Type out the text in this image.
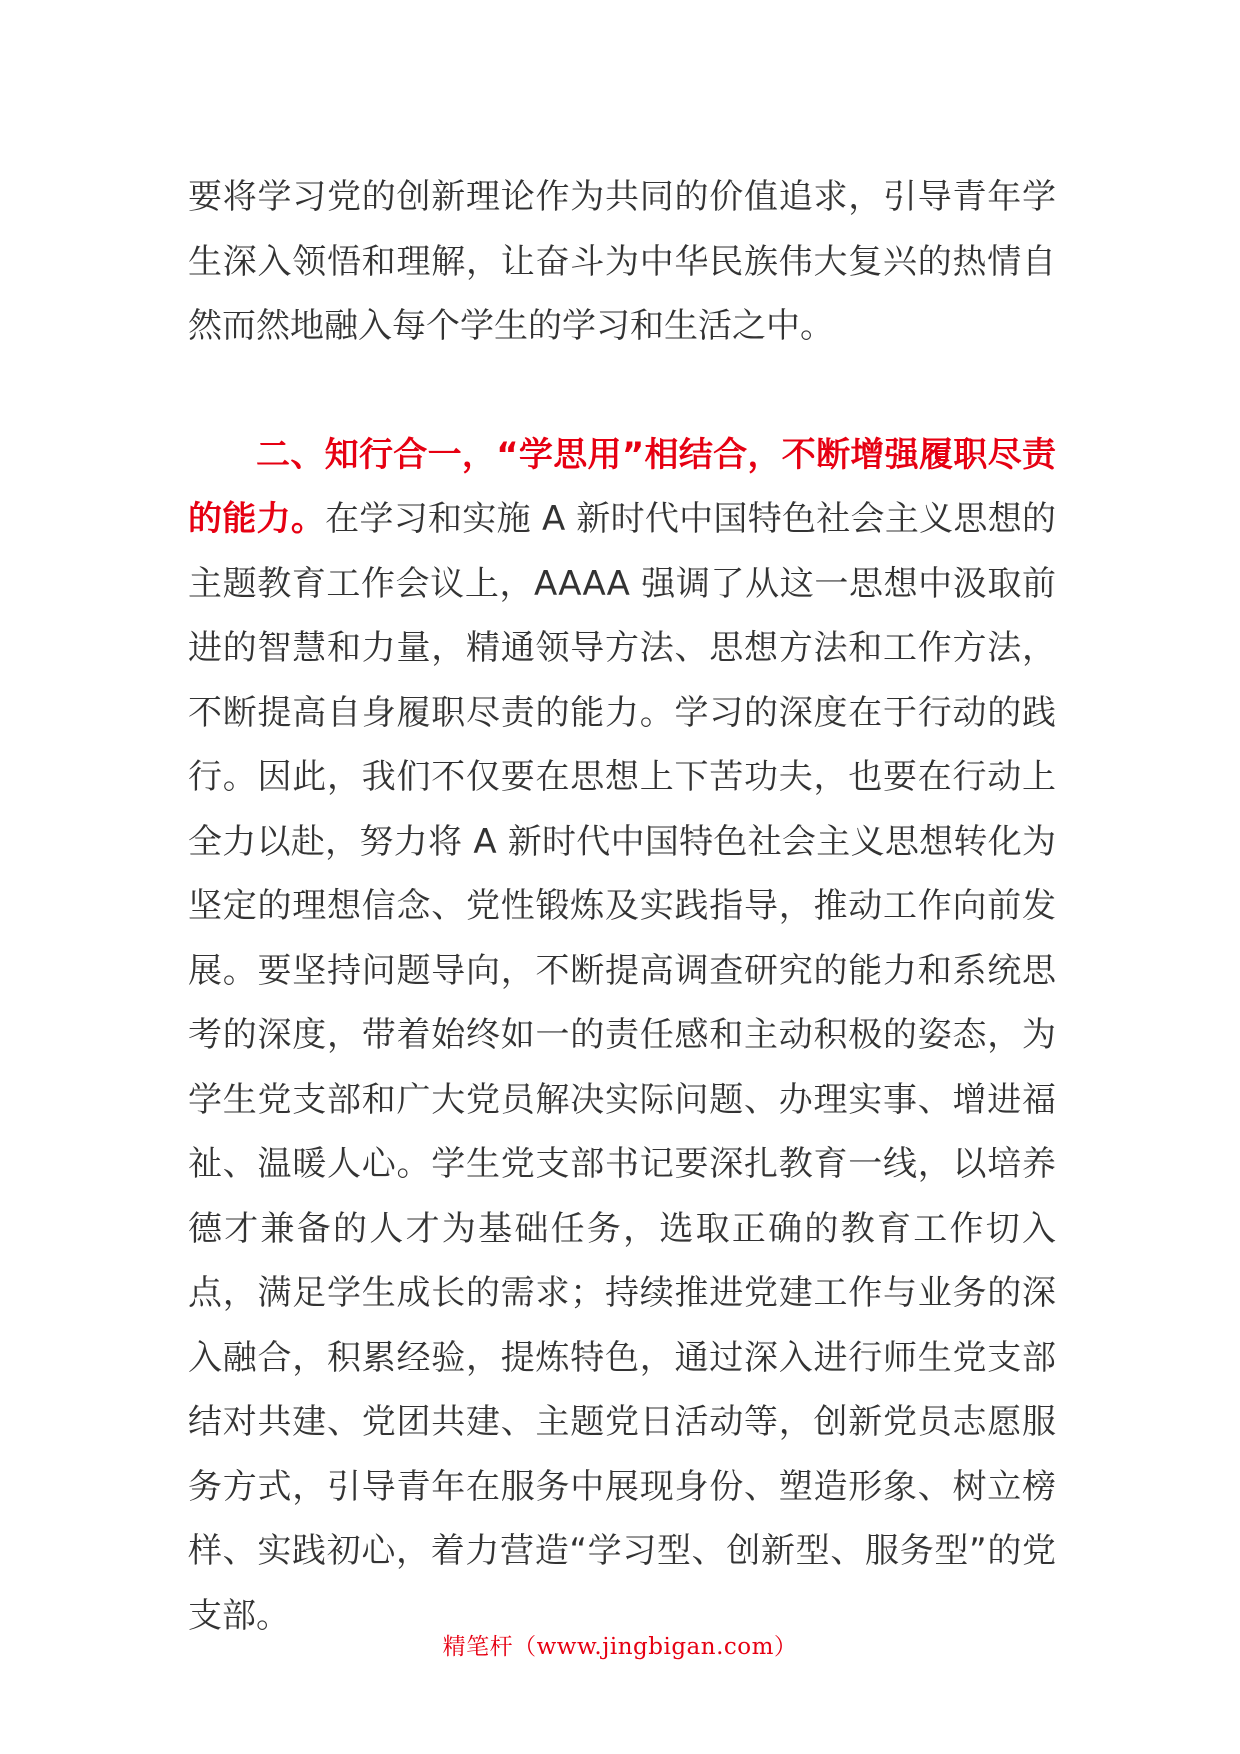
要将学习党的创新理论作为共同的价值追求，引导青年学生深入领悟和理解，让奋斗为中华民族伟大复兴的热情自然而然地融入每个学生的学习和生活之中。

二、知行合一，“学思用”相结合，不断增强履职尽责的能力。在学习和实施 A 新时代中国特色社会主义思想的主题教育工作会议上，AAAA 强调了从这一思想中汲取前进的智慧和力量，精通领导方法、思想方法和工作方法，不断提高自身履职尽责的能力。学习的深度在于行动的践行。因此，我们不仅要在思想上下苦功夫，也要在行动上全力以赴，努力将 A 新时代中国特色社会主义思想转化为坚定的理想信念、党性锻炼及实践指导，推动工作向前发展。要坚持问题导向，不断提高调查研究的能力和系统思考的深度，带着始终如一的责任感和主动积极的姿态，为学生党支部和广大党员解决实际问题、办理实事、增进福祉、温暖人心。学生党支部书记要深扎教育一线，以培养德才兼备的人才为基础任务，选取正确的教育工作切入点，满足学生成长的需求；持续推进党建工作与业务的深入融合，积累经验，提炼特色，通过深入进行师生党支部结对共建、党团共建、主题党日活动等，创新党员志愿服务方式，引导青年在服务中展现身份、塑造形象、树立榜样、实践初心，着力营造“学习型、创新型、服务型”的党支部。

精笔杆（www.jingbigan.com）
